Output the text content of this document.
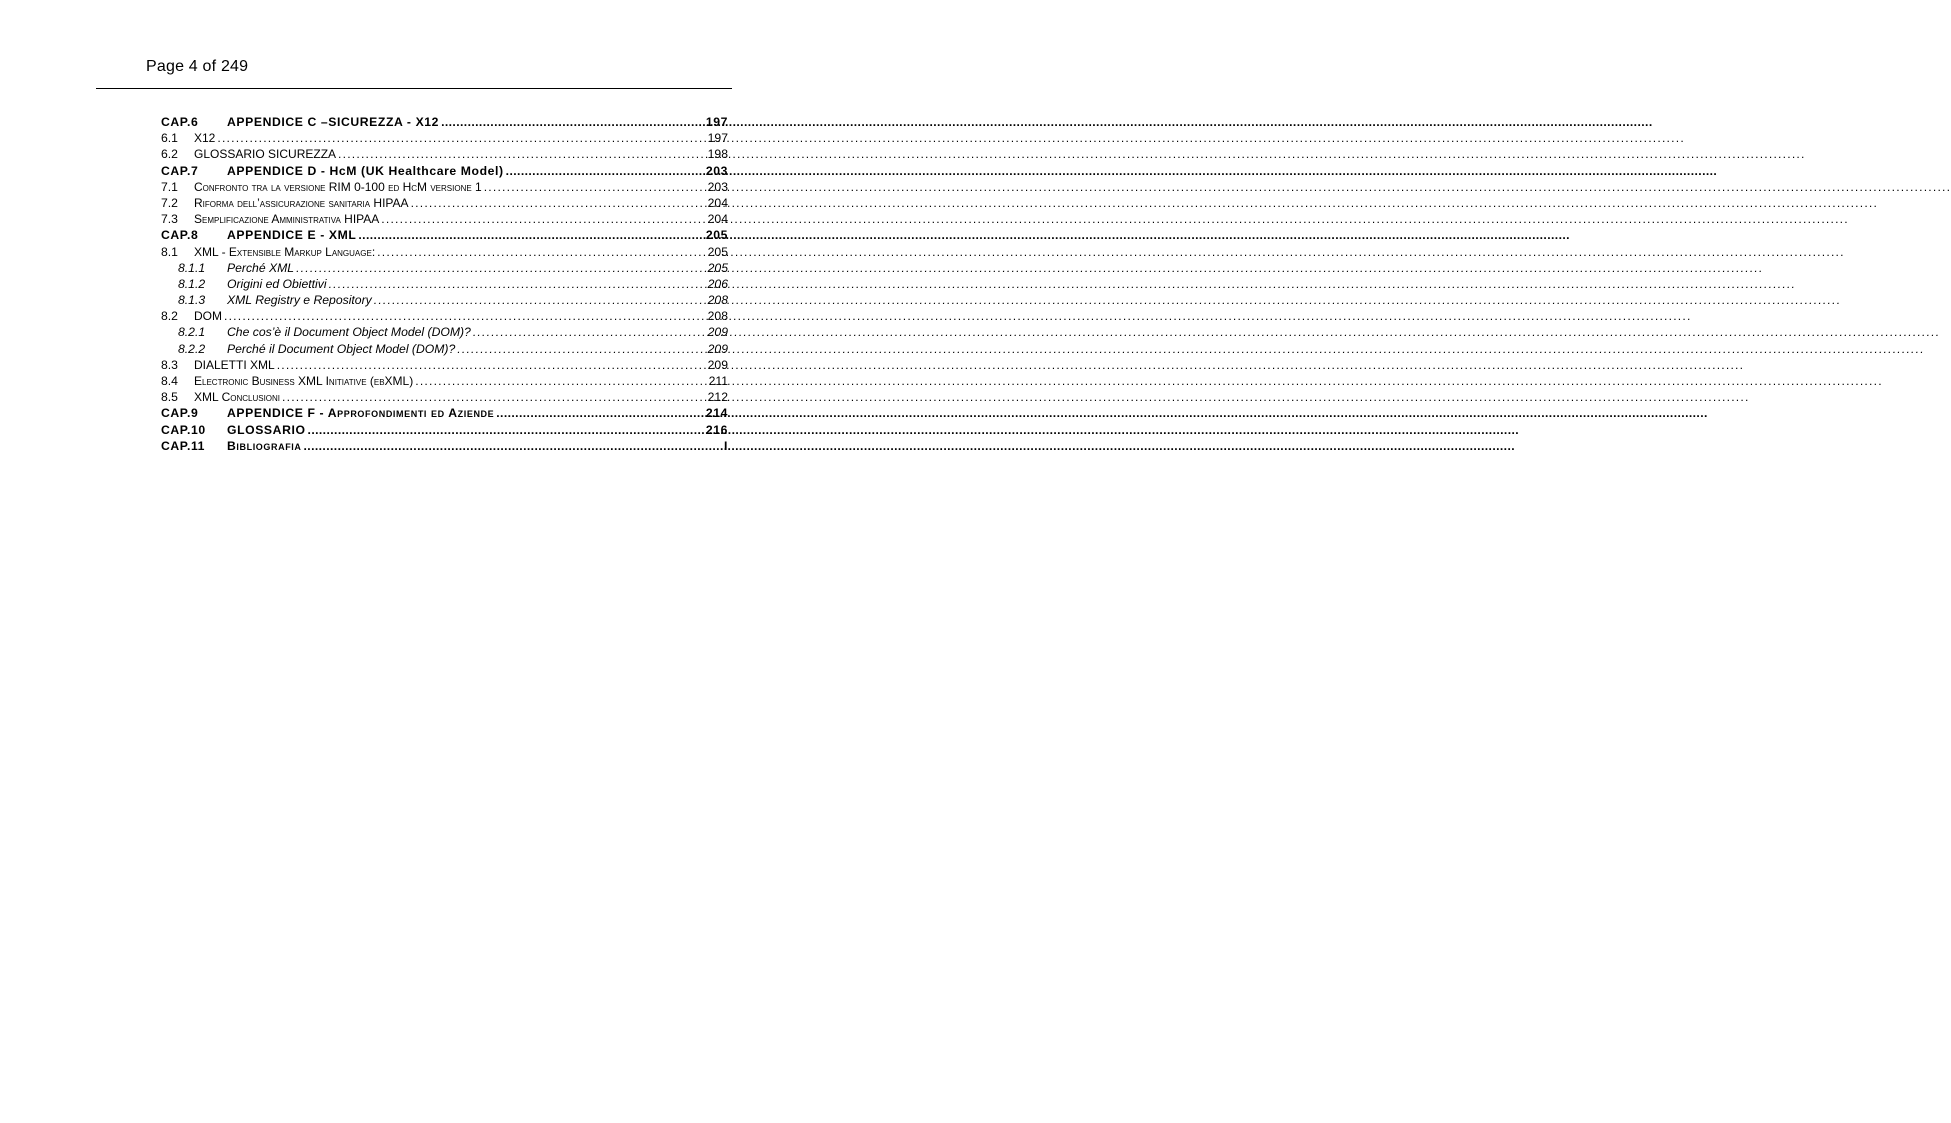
Page 4 of 249
CAP.6	APPENDICE C –SICUREZZA - X12 .....	197
6.1	X12 .....	197
6.2	GLOSSARIO SICUREZZA .....	198
CAP.7	APPENDICE D - HcM (UK Healthcare Model) .....	203
7.1	Confronto tra la versione RIM 0-100 ed HcM versione 1 .....	203
7.2	Riforma dell’assicurazione sanitaria HIPAA .....	204
7.3	Semplificazione Amministrativa HIPAA .....	204
CAP.8	APPENDICE E - XML .....	205
8.1	XML - Extensible Markup Language: .....	205
8.1.1	Perché XML .....	205
8.1.2	Origini ed Obiettivi .....	206
8.1.3	XML Registry e Repository .....	208
8.2	DOM .....	208
8.2.1	Che cos’è il Document Object Model (DOM)? .....	209
8.2.2	Perché il Document Object Model (DOM)? .....	209
8.3	DIALETTI XML .....	209
8.4	Electronic Business XML Initiative (ebXML) .....	211
8.5	XML Conclusioni .....	212
CAP.9	APPENDICE F - Approfondimenti ed Aziende .....	214
CAP.10	GLOSSARIO .....	216
CAP.11	Bibliografia .....	I
